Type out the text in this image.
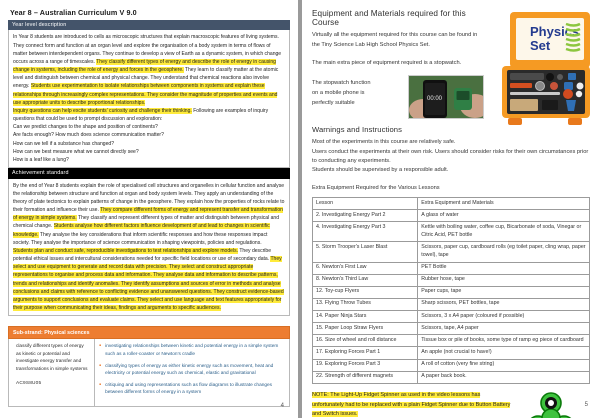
Year 8 – Australian Curriculum V 9.0
Year level description
In Year 8 students are introduced to cells as microscopic structures that explain macroscopic features of living systems. They connect form and function at an organ level and explore the organisation of a body system in terms of flows of matter between interdependent organs. They continue to develop a view of Earth as a dynamic system, in which change occurs across a range of timescales. They classify different types of energy and describe the role of energy in causing change in systems, including the role of energy and forces in the geosphere. They learn to classify matter at the atomic level and distinguish between chemical and physical change. They understand that chemical reactions also involve energy. Students use experimentation to isolate relationships between components in systems and explain these relationships through increasingly complex representations. They consider the magnitude of properties and events and use appropriate units to describe proportional relationships.
Inquiry questions can help excite students’ curiosity and challenge their thinking. Following are examples of inquiry questions that could be used to prompt discussion and exploration:
Can we predict changes to the shape and position of continents?
Are facts enough? How much does science communication matter?
How can we tell if a substance has changed?
How can we best measure what we cannot directly see?
How is a leaf like a lung?
Achievement standard
By the end of Year 8 students explain the role of specialised cell structures and organelles in cellular function and analyse the relationship between structure and function at organ and body system levels. They apply an understanding of the theory of plate tectonics to explain patterns of change in the geosphere. They explain how the properties of rocks relate to their formation and influence their use. They compare different forms of energy and represent transfer and transformation of energy in simple systems. They classify and represent different types of matter and distinguish between physical and chemical change. Students analyse how different factors influence development of and lead to changes in scientific knowledge. They analyse the key considerations that inform scientific responses and how these responses impact society. They analyse the importance of science communication in shaping viewpoints, policies and regulations.
Students plan and conduct safe, reproducible investigations to test relationships and explore models. They describe potential ethical issues and intercultural considerations needed for specific field locations or use of secondary data. They select and use equipment to generate and record data with precision. They select and construct appropriate representations to organise and process data and information. They analyse data and information to describe patterns, trends and relationships and identify anomalies. They identify assumptions and sources of error in methods and analyse conclusions and claims with reference to conflicting evidence and unanswered questions. They construct evidence-based arguments to support conclusions and evaluate claims. They select and use language and text features appropriately for their purpose when communicating their ideas, findings and arguments to specific audiences.
Sub-strand: Physical sciences
classify different types of energy as kinetic or potential and investigate energy transfer and transformations in simple systems
AC9S8U05
▪ investigating relationships between kinetic and potential energy in a simple system such as a roller-coaster or Newton’s cradle
▪ classifying types of energy as either kinetic energy such as movement, heat and electricity or potential energy such as chemical, elastic and gravitational
▪ critiquing and using representations such as flow diagrams to illustrate changes between different forms of energy in a system
4
Physics
Set
Equipment and Materials required for this Course
Virtually all the equipment required for this course can be found in the Tiny Science Lab High School Physics Set.
The main extra piece of equipment required is a stopwatch.
The stopwatch function on a mobile phone is perfectly suitable
00:00
Warnings and Instructions
Most of the experiments in this course are relatively safe.
Users conduct the experiments at their own risk. Users should consider risks for their own circumstances prior to conducting any experiments.
Students should be supervised by a responsible adult.
Extra Equipment Required for the Various Lessons
Lesson	Extra Equipment and Materials
2. Investigating Energy Part 2	A glass of water
4. Investigating Energy Part 3	Kettle with boiling water, coffee cup, Bicarbonate of soda, Vinegar or Citric Acid, PET bottle
5. Storm Trooper's Laser Blast	Scissors, paper cup, cardboard rolls (eg toilet paper, cling wrap, paper towel), tape
6. Newton's First Law	PET Bottle
8. Newton's Third Law	Rubber hose, tape
12. Toy-cup Flyers	Paper cups, tape
13. Flying Throw Tubes	Sharp scissors, PET bottles, tape
14. Paper Ninja Stars	Scissors, 3 x A4 paper (coloured if possible)
15. Paper Loop Straw Flyers	Scissors, tape, A4 paper
16. Size of wheel and roll distance	Tissue box or pile of books, some type of ramp eg piece of cardboard
17. Exploring Forces Part 1	An apple (not crucial to have!)
19. Exploring Forces Part 3	A roll of cotton (very fine string)
22. Strength of different magnets	A paper back book.
NOTE: The Light-Up Fidget Spinner as used in the video lessons has unfortunately had to be replaced with a plain Fidget Spinner due to Button Battery and Switch issues.
5
